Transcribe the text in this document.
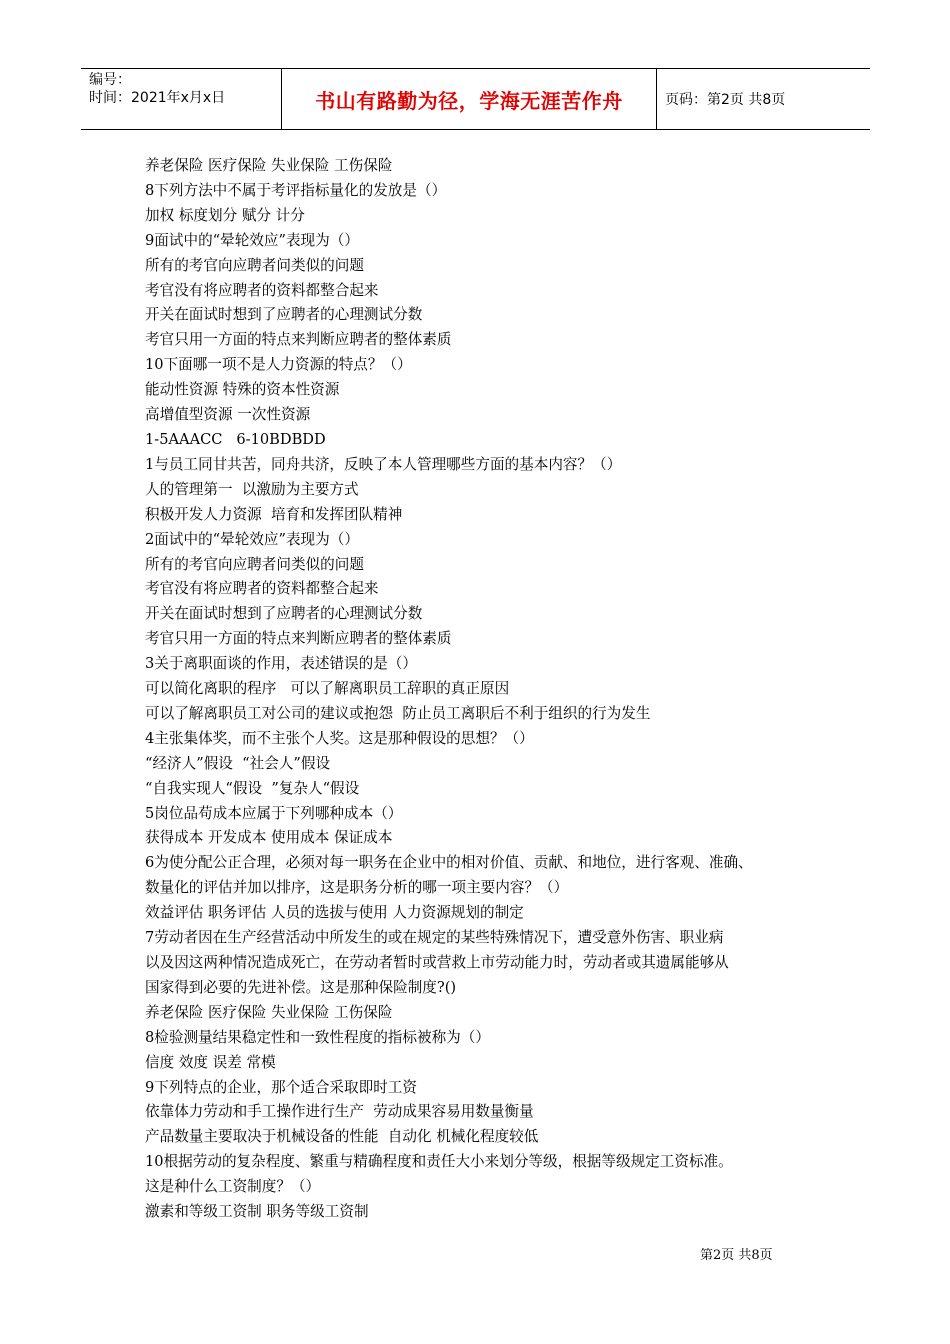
编号：
时间：2021年x月x日	书山有路勤为径，学海无涯苦作舟	页码：第2页 共8页

养老保险 医疗保险 失业保险 工伤保险

8下列方法中不属于考评指标量化的发放是（）

加权 标度划分 赋分 计分

9面试中的“晕轮效应”表现为（）

所有的考官向应聘者问类似的问题

考官没有将应聘者的资料都整合起来

开关在面试时想到了应聘者的心理测试分数

考官只用一方面的特点来判断应聘者的整体素质

10下面哪一项不是人力资源的特点？（）

能动性资源 特殊的资本性资源

高增值型资源 一次性资源

1-5AAACC   6-10BDBDD

1与员工同甘共苦，同舟共济，反映了本人管理哪些方面的基本内容？（）

人的管理第一  以激励为主要方式

积极开发人力资源  培育和发挥团队精神

2面试中的“晕轮效应”表现为（）

所有的考官向应聘者问类似的问题

考官没有将应聘者的资料都整合起来

开关在面试时想到了应聘者的心理测试分数

考官只用一方面的特点来判断应聘者的整体素质

3关于离职面谈的作用，表述错误的是（）

可以简化离职的程序   可以了解离职员工辞职的真正原因

可以了解离职员工对公司的建议或抱怨  防止员工离职后不利于组织的行为发生

4主张集体奖，而不主张个人奖。这是那种假设的思想？（）

“经济人”假设  “社会人”假设

“自我实现人“假设  ”复杂人“假设

5岗位品苟成本应属于下列哪种成本（）

获得成本 开发成本 使用成本 保证成本

6为使分配公正合理，必须对每一职务在企业中的相对价值、贡献、和地位，进行客观、准确、

数量化的评估并加以排序，这是职务分析的哪一项主要内容？（）

效益评估 职务评估 人员的选拔与使用 人力资源规划的制定

7劳动者因在生产经营活动中所发生的或在规定的某些特殊情况下，遭受意外伤害、职业病

以及因这两种情况造成死亡，在劳动者暂时或营救上市劳动能力时，劳动者或其遗属能够从

国家得到必要的先进补偿。这是那种保险制度?()

养老保险 医疗保险 失业保险 工伤保险

8检验测量结果稳定性和一致性程度的指标被称为（）

信度 效度 误差 常模

9下列特点的企业，那个适合采取即时工资

依靠体力劳动和手工操作进行生产  劳动成果容易用数量衡量

产品数量主要取决于机械设备的性能  自动化 机械化程度较低

10根据劳动的复杂程度、繁重与精确程度和责任大小来划分等级，根据等级规定工资标准。

这是种什么工资制度？（）

激素和等级工资制 职务等级工资制

第2页 共8页
